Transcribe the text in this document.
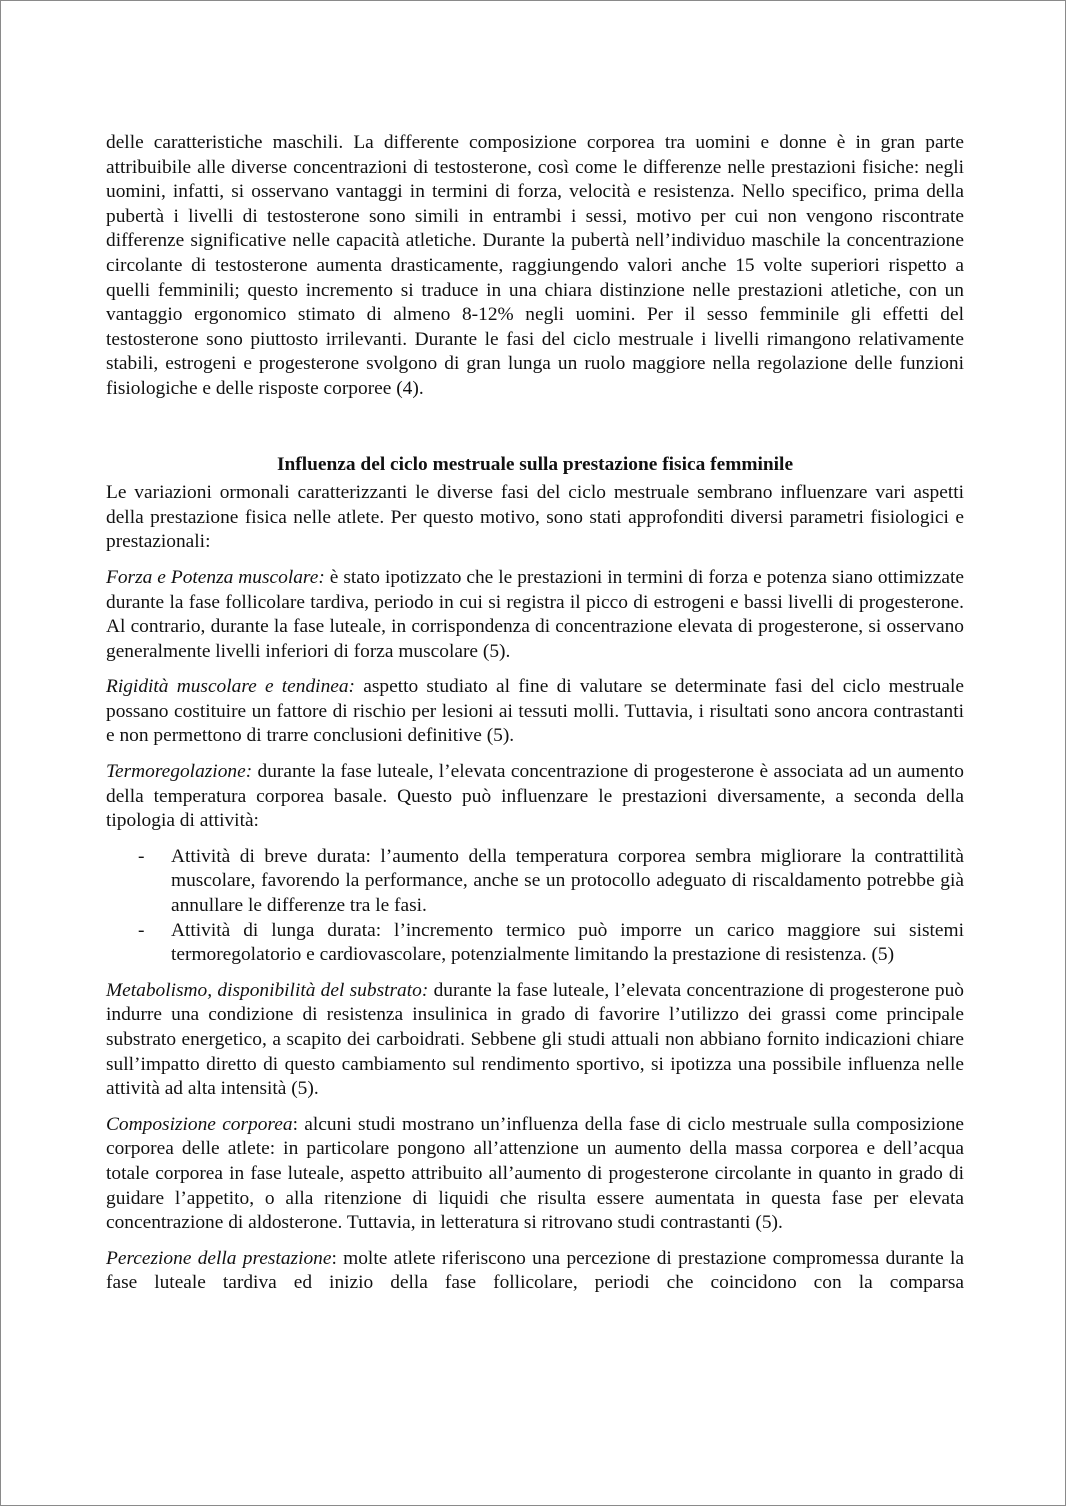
delle caratteristiche maschili. La differente composizione corporea tra uomini e donne è in gran parte attribuibile alle diverse concentrazioni di testosterone, così come le differenze nelle prestazioni fisiche: negli uomini, infatti, si osservano vantaggi in termini di forza, velocità e resistenza. Nello specifico, prima della pubertà i livelli di testosterone sono simili in entrambi i sessi, motivo per cui non vengono riscontrate differenze significative nelle capacità atletiche. Durante la pubertà nell’individuo maschile la concentrazione circolante di testosterone aumenta drasticamente, raggiungendo valori anche 15 volte superiori rispetto a quelli femminili; questo incremento si traduce in una chiara distinzione nelle prestazioni atletiche, con un vantaggio ergonomico stimato di almeno 8-12% negli uomini. Per il sesso femminile gli effetti del testosterone sono piuttosto irrilevanti. Durante le fasi del ciclo mestruale i livelli rimangono relativamente stabili, estrogeni e progesterone svolgono di gran lunga un ruolo maggiore nella regolazione delle funzioni fisiologiche e delle risposte corporee (4).

Influenza del ciclo mestruale sulla prestazione fisica femminile

Le variazioni ormonali caratterizzanti le diverse fasi del ciclo mestruale sembrano influenzare vari aspetti della prestazione fisica nelle atlete. Per questo motivo, sono stati approfonditi diversi parametri fisiologici e prestazionali:

Forza e Potenza muscolare: è stato ipotizzato che le prestazioni in termini di forza e potenza siano ottimizzate durante la fase follicolare tardiva, periodo in cui si registra il picco di estrogeni e bassi livelli di progesterone. Al contrario, durante la fase luteale, in corrispondenza di concentrazione elevata di progesterone, si osservano generalmente livelli inferiori di forza muscolare (5).

Rigidità muscolare e tendinea: aspetto studiato al fine di valutare se determinate fasi del ciclo mestruale possano costituire un fattore di rischio per lesioni ai tessuti molli. Tuttavia, i risultati sono ancora contrastanti e non permettono di trarre conclusioni definitive (5).

Termoregolazione: durante la fase luteale, l’elevata concentrazione di progesterone è associata ad un aumento della temperatura corporea basale. Questo può influenzare le prestazioni diversamente, a seconda della tipologia di attività:

- Attività di breve durata: l’aumento della temperatura corporea sembra migliorare la contrattilità muscolare, favorendo la performance, anche se un protocollo adeguato di riscaldamento potrebbe già annullare le differenze tra le fasi.
- Attività di lunga durata: l’incremento termico può imporre un carico maggiore sui sistemi termoregolatorio e cardiovascolare, potenzialmente limitando la prestazione di resistenza. (5)

Metabolismo, disponibilità del substrato: durante la fase luteale, l’elevata concentrazione di progesterone può indurre una condizione di resistenza insulinica in grado di favorire l’utilizzo dei grassi come principale substrato energetico, a scapito dei carboidrati. Sebbene gli studi attuali non abbiano fornito indicazioni chiare sull’impatto diretto di questo cambiamento sul rendimento sportivo, si ipotizza una possibile influenza nelle attività ad alta intensità (5).

Composizione corporea: alcuni studi mostrano un’influenza della fase di ciclo mestruale sulla composizione corporea delle atlete: in particolare pongono all’attenzione un aumento della massa corporea e dell’acqua totale corporea in fase luteale, aspetto attribuito all’aumento di progesterone circolante in quanto in grado di guidare l’appetito, o alla ritenzione di liquidi che risulta essere aumentata in questa fase per elevata concentrazione di aldosterone. Tuttavia, in letteratura si ritrovano studi contrastanti (5).

Percezione della prestazione: molte atlete riferiscono una percezione di prestazione compromessa durante la fase luteale tardiva ed inizio della fase follicolare, periodi che coincidono con la comparsa
